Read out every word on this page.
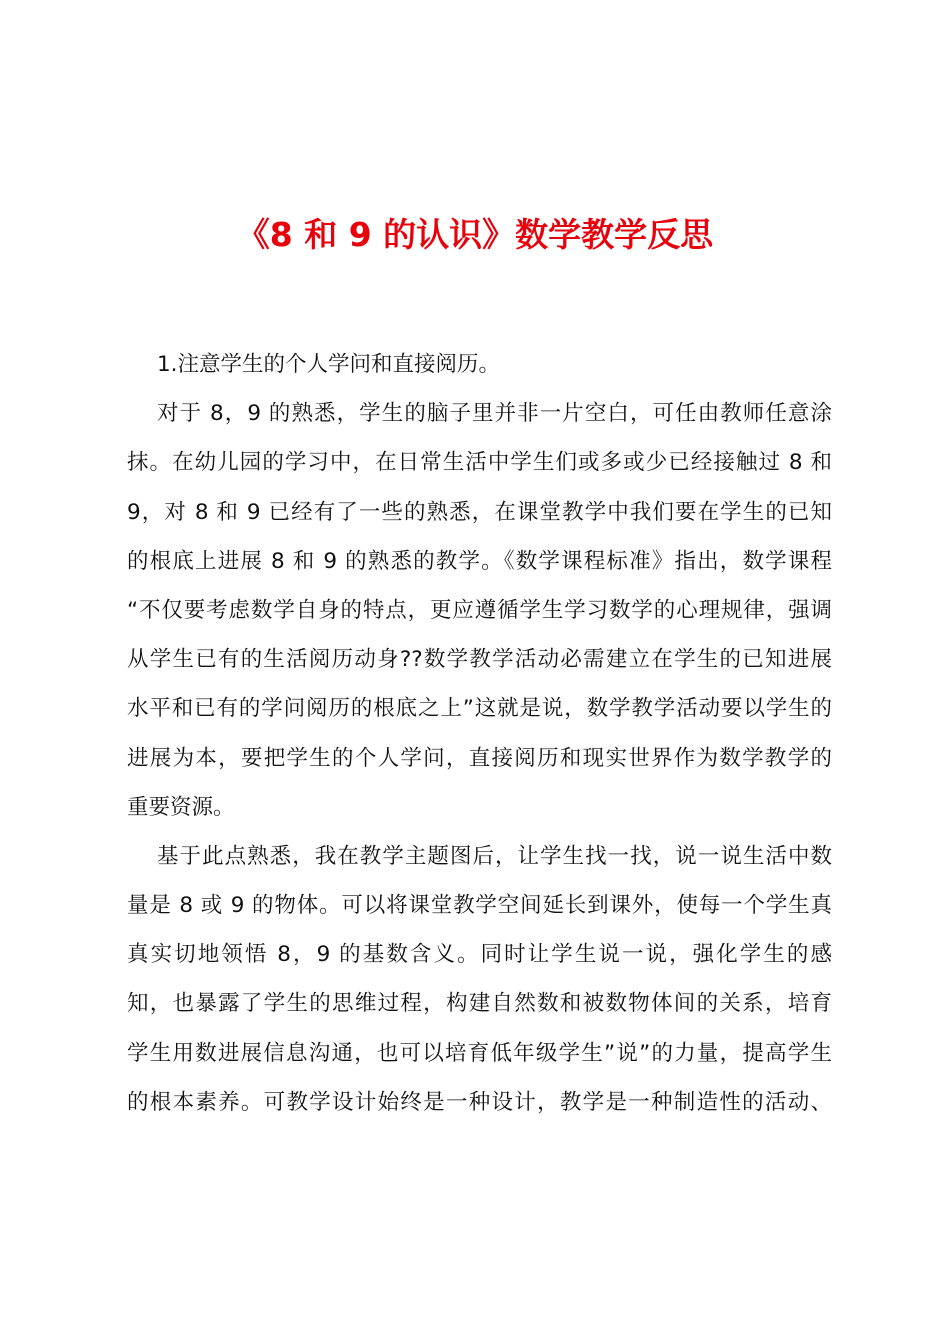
《8 和 9 的认识》数学教学反思
1.注意学生的个人学问和直接阅历。
对于 8，9 的熟悉，学生的脑子里并非一片空白，可任由教师任意涂
抹。在幼儿园的学习中，在日常生活中学生们或多或少已经接触过 8 和
9，对 8 和 9 已经有了一些的熟悉，在课堂教学中我们要在学生的已知
的根底上进展 8 和 9 的熟悉的教学。《数学课程标准》指出，数学课程
“不仅要考虑数学自身的特点，更应遵循学生学习数学的心理规律，强调
从学生已有的生活阅历动身??数学教学活动必需建立在学生的已知进展
水平和已有的学问阅历的根底之上”这就是说，数学教学活动要以学生的
进展为本，要把学生的个人学问，直接阅历和现实世界作为数学教学的
重要资源。
基于此点熟悉，我在教学主题图后，让学生找一找，说一说生活中数
量是 8 或 9 的物体。可以将课堂教学空间延长到课外，使每一个学生真
真实切地领悟 8，9 的基数含义。同时让学生说一说，强化学生的感
知，也暴露了学生的思维过程，构建自然数和被数物体间的关系，培育
学生用数进展信息沟通，也可以培育低年级学生”说”的力量，提高学生
的根本素养。可教学设计始终是一种设计，教学是一种制造性的活动、
